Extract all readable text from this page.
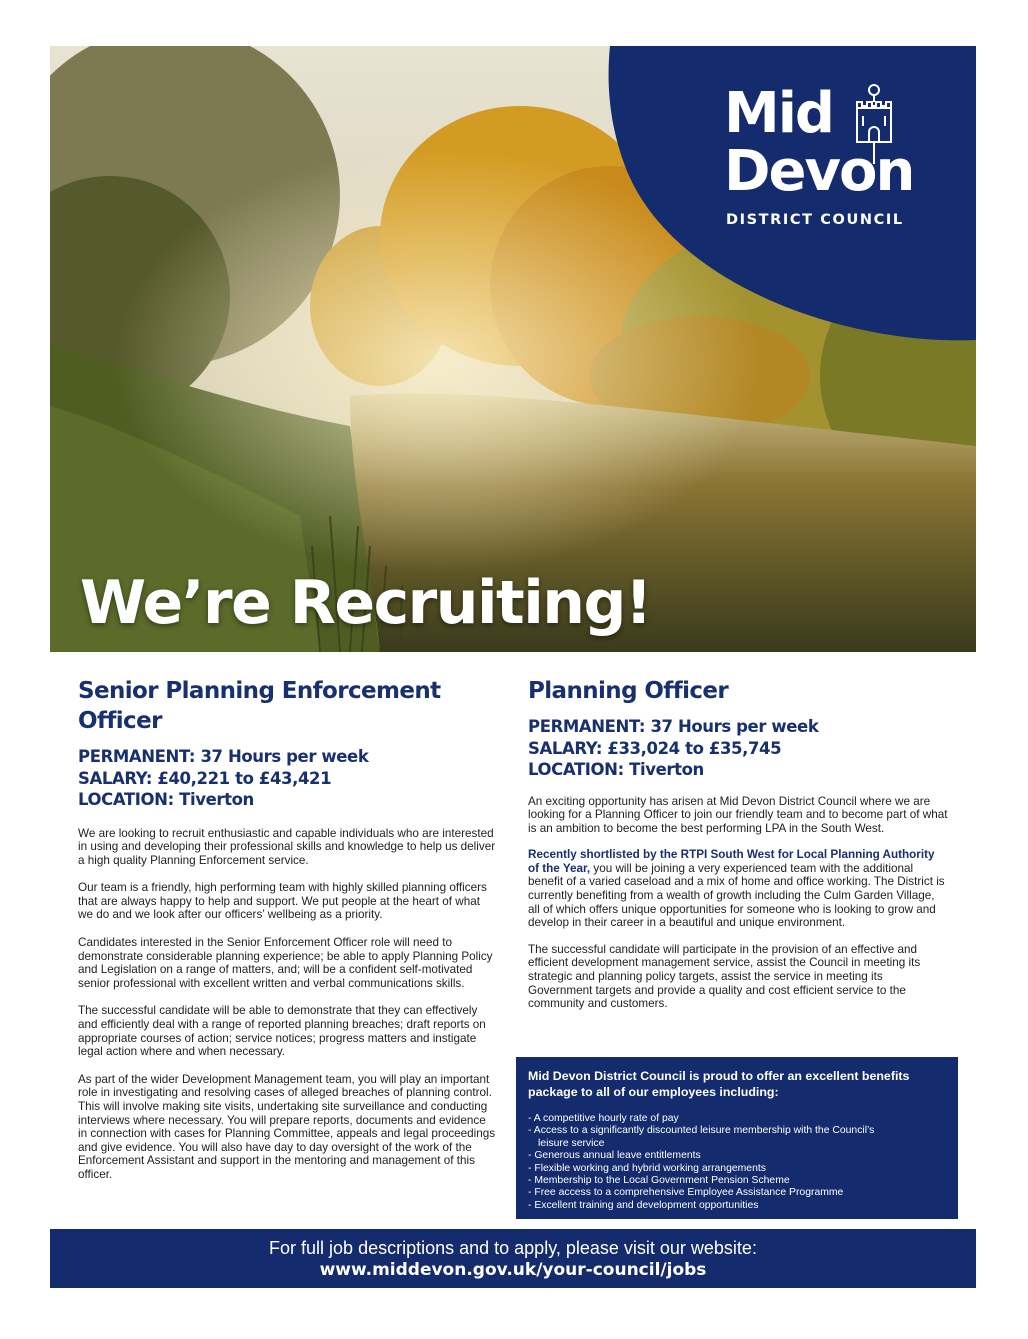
Mid
Devon
DISTRICT COUNCIL
We’re Recruiting!
Senior Planning Enforcement Officer
PERMANENT: 37 Hours per week
SALARY: £40,221 to £43,421
LOCATION: Tiverton

We are looking to recruit enthusiastic and capable individuals who are interested in using and developing their professional skills and knowledge to help us deliver a high quality Planning Enforcement service.

Our team is a friendly, high performing team with highly skilled planning officers that are always happy to help and support. We put people at the heart of what we do and we look after our officers’ wellbeing as a priority.

Candidates interested in the Senior Enforcement Officer role will need to demonstrate considerable planning experience; be able to apply Planning Policy and Legislation on a range of matters, and; will be a confident self-motivated senior professional with excellent written and verbal communications skills.

The successful candidate will be able to demonstrate that they can effectively and efficiently deal with a range of reported planning breaches; draft reports on appropriate courses of action; service notices; progress matters and instigate legal action where and when necessary.

As part of the wider Development Management team, you will play an important role in investigating and resolving cases of alleged breaches of planning control. This will involve making site visits, undertaking site surveillance and conducting interviews where necessary. You will prepare reports, documents and evidence in connection with cases for Planning Committee, appeals and legal proceedings and give evidence. You will also have day to day oversight of the work of the Enforcement Assistant and support in the mentoring and management of this officer.

Planning Officer
PERMANENT: 37 Hours per week
SALARY: £33,024 to £35,745
LOCATION: Tiverton

An exciting opportunity has arisen at Mid Devon District Council where we are looking for a Planning Officer to join our friendly team and to become part of what is an ambition to become the best performing LPA in the South West.

Recently shortlisted by the RTPI South West for Local Planning Authority of the Year, you will be joining a very experienced team with the additional benefit of a varied caseload and a mix of home and office working. The District is currently benefiting from a wealth of growth including the Culm Garden Village, all of which offers unique opportunities for someone who is looking to grow and develop in their career in a beautiful and unique environment.

The successful candidate will participate in the provision of an effective and efficient development management service, assist the Council in meeting its strategic and planning policy targets, assist the service in meeting its Government targets and provide a quality and cost efficient service to the community and customers.

Mid Devon District Council is proud to offer an excellent benefits package to all of our employees including:
- A competitive hourly rate of pay
- Access to a significantly discounted leisure membership with the Council’s
leisure service
- Generous annual leave entitlements
- Flexible working and hybrid working arrangements
- Membership to the Local Government Pension Scheme
- Free access to a comprehensive Employee Assistance Programme
- Excellent training and development opportunities
For full job descriptions and to apply, please visit our website:
www.middevon.gov.uk/your-council/jobs
